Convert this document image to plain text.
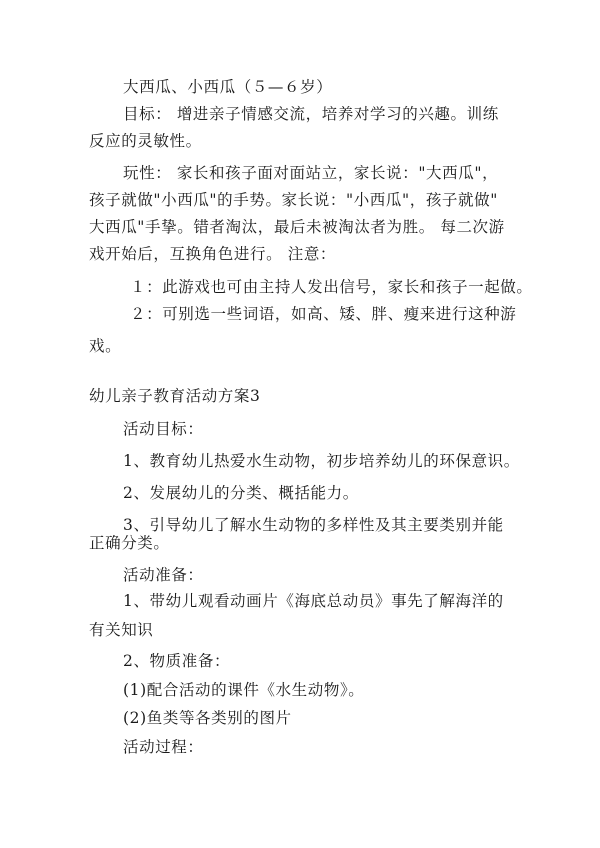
大西瓜、小西瓜（５—６岁）
目标： 增进亲子情感交流，培养对学习的兴趣。训练
反应的灵敏性。
玩性： 家长和孩子面对面站立，家长说："大西瓜"，
孩子就做"小西瓜"的手势。家长说："小西瓜"，孩子就做"
大西瓜"手挚。错者淘汰，最后未被淘汰者为胜。 每二次游
戏开始后，互换角色进行。 注意：
１：此游戏也可由主持人发出信号，家长和孩子一起做。
２：可别选一些词语，如高、矮、胖、瘦来进行这种游
戏。
幼儿亲子教育活动方案3
活动目标：
1、教育幼儿热爱水生动物，初步培养幼儿的环保意识。
2、发展幼儿的分类、概括能力。
3、引导幼儿了解水生动物的多样性及其主要类别并能
正确分类。
活动准备：
1、带幼儿观看动画片《海底总动员》事先了解海洋的
有关知识
2、物质准备：
(1)配合活动的课件《水生动物》。
(2)鱼类等各类别的图片
活动过程：
